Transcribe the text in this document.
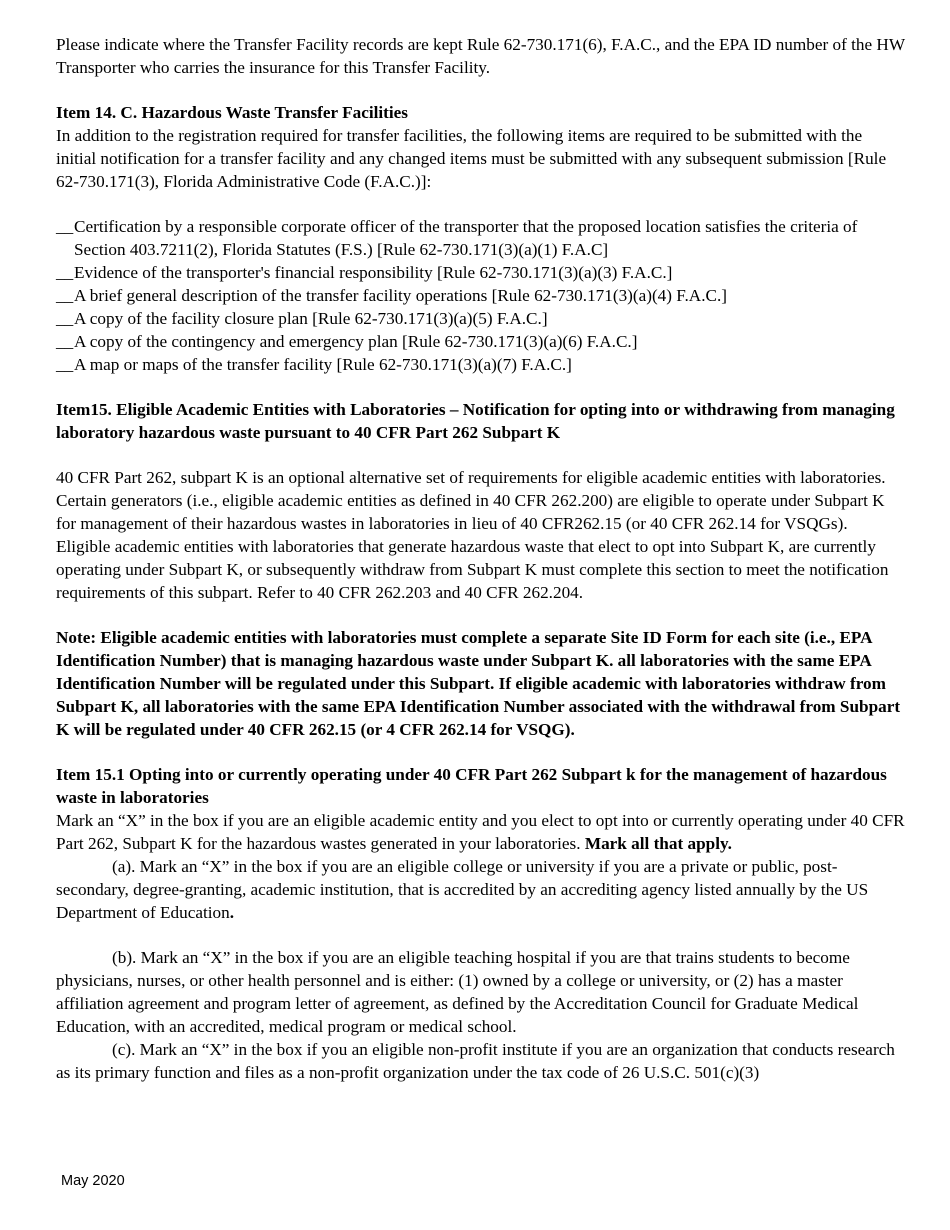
Please indicate where the Transfer Facility records are kept Rule 62-730.171(6), F.A.C., and the EPA ID number of the HW Transporter who carries the insurance for this Transfer Facility.

Item 14. C. Hazardous Waste Transfer Facilities

In addition to the registration required for transfer facilities, the following items are required to be submitted with the initial notification for a transfer facility and any changed items must be submitted with any subsequent submission [Rule 62-730.171(3), Florida Administrative Code (F.A.C.)]:

__ Certification by a responsible corporate officer of the transporter that the proposed location satisfies the criteria of Section 403.7211(2), Florida Statutes (F.S.) [Rule 62-730.171(3)(a)(1) F.A.C]
__ Evidence of the transporter's financial responsibility [Rule 62-730.171(3)(a)(3) F.A.C.]
__ A brief general description of the transfer facility operations [Rule 62-730.171(3)(a)(4) F.A.C.]
__ A copy of the facility closure plan [Rule 62-730.171(3)(a)(5) F.A.C.]
__ A copy of the contingency and emergency plan [Rule 62-730.171(3)(a)(6) F.A.C.]
__ A map or maps of the transfer facility [Rule 62-730.171(3)(a)(7) F.A.C.]

Item15. Eligible Academic Entities with Laboratories – Notification for opting into or withdrawing from managing laboratory hazardous waste pursuant to 40 CFR Part 262 Subpart K

40 CFR Part 262, subpart K is an optional alternative set of requirements for eligible academic entities with laboratories. Certain generators (i.e., eligible academic entities as defined in 40 CFR 262.200) are eligible to operate under Subpart K for management of their hazardous wastes in laboratories in lieu of 40 CFR262.15 (or 40 CFR 262.14 for VSQGs). Eligible academic entities with laboratories that generate hazardous waste that elect to opt into Subpart K, are currently operating under Subpart K, or subsequently withdraw from Subpart K must complete this section to meet the notification requirements of this subpart. Refer to 40 CFR 262.203 and 40 CFR 262.204.

Note: Eligible academic entities with laboratories must complete a separate Site ID Form for each site (i.e., EPA Identification Number) that is managing hazardous waste under Subpart K. all laboratories with the same EPA Identification Number will be regulated under this Subpart. If eligible academic with laboratories withdraw from Subpart K, all laboratories with the same EPA Identification Number associated with the withdrawal from Subpart K will be regulated under 40 CFR 262.15 (or 4 CFR 262.14 for VSQG).

Item 15.1 Opting into or currently operating under 40 CFR Part 262 Subpart k for the management of hazardous waste in laboratories

Mark an “X” in the box if you are an eligible academic entity and you elect to opt into or currently operating under 40 CFR Part 262, Subpart K for the hazardous wastes generated in your laboratories. Mark all that apply.

(a). Mark an “X” in the box if you are an eligible college or university if you are a private or public, post-secondary, degree-granting, academic institution, that is accredited by an accrediting agency listed annually by the US Department of Education.

(b). Mark an “X” in the box if you are an eligible teaching hospital if you are that trains students to become physicians, nurses, or other health personnel and is either: (1) owned by a college or university, or (2) has a master affiliation agreement and program letter of agreement, as defined by the Accreditation Council for Graduate Medical Education, with an accredited, medical program or medical school.

(c). Mark an “X” in the box if you an eligible non-profit institute if you are an organization that conducts research as its primary function and files as a non-profit organization under the tax code of 26 U.S.C. 501(c)(3)

May 2020
